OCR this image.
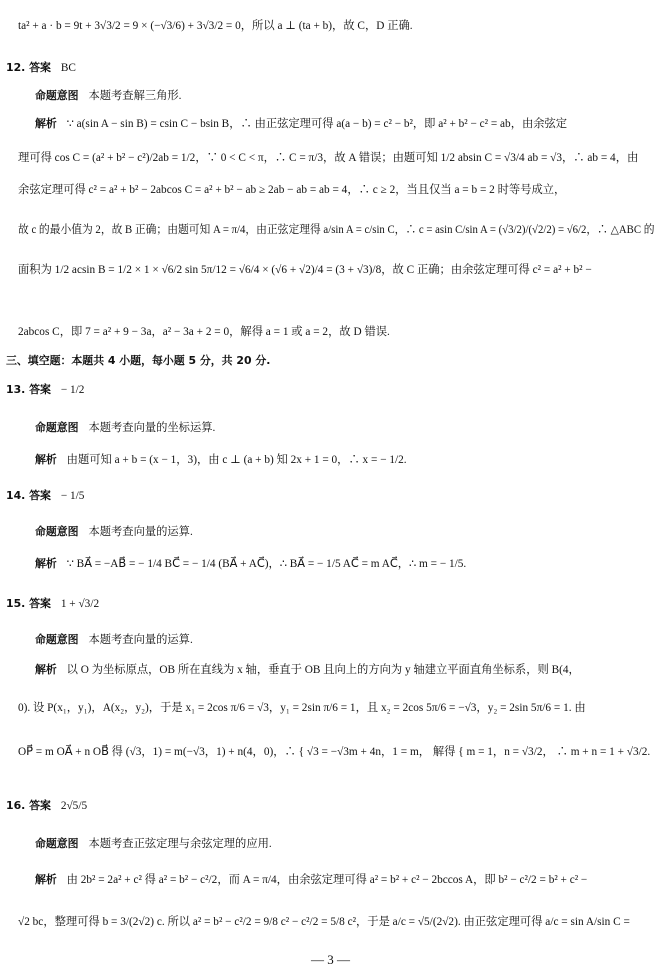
ta² + a · b = 9t + 3√3/2 = 9 × (−√3/6) + 3√3/2 = 0，所以 a ⊥ (ta + b)，故 C，D 正确.
12. 答案 BC
命题意图 本题考查解三角形.
解析 ∵ a(sin A − sin B) = csin C − bsin B，∴ 由正弦定理可得 a(a − b) = c² − b²，即 a² + b² − c² = ab，由余弦定
理可得 cos C = (a² + b² − c²)/2ab = 1/2，∵ 0 < C < π，∴ C = π/3，故 A 错误；由题可知 1/2 absin C = √3/4 ab = √3，∴ ab = 4，由
余弦定理可得 c² = a² + b² − 2abcos C = a² + b² − ab ≥ 2ab − ab = ab = 4，∴ c ≥ 2，当且仅当 a = b = 2 时等号成立，
故 c 的最小值为 2，故 B 正确；由题可知 A = π/4，由正弦定理得 a/sin A = c/sin C，∴ c = asin C/sin A = (√3/2)/(√2/2) = √6/2，∴ △ABC 的
面积为 1/2 acsin B = 1/2 × 1 × √6/2 sin 5π/12 = √6/4 × (√6 + √2)/4 = (3 + √3)/8，故 C 正确；由余弦定理可得 c² = a² + b² −
2abcos C，即 7 = a² + 9 − 3a，a² − 3a + 2 = 0，解得 a = 1 或 a = 2，故 D 错误.
三、填空题：本题共 4 小题，每小题 5 分，共 20 分.
13. 答案 − 1/2
命题意图 本题考查向量的坐标运算.
解析 由题可知 a + b = (x − 1，3)，由 c ⊥ (a + b) 知 2x + 1 = 0，∴ x = − 1/2.
14. 答案 − 1/5
命题意图 本题考查向量的运算.
解析 ∵ BA⃗ = −AB⃗ = − 1/4 BC⃗ = − 1/4 (BA⃗ + AC⃗)，∴ BA⃗ = − 1/5 AC⃗ = m AC⃗，∴ m = − 1/5.
15. 答案 1 + √3/2
命题意图 本题考查向量的运算.
解析 以 O 为坐标原点，OB 所在直线为 x 轴，垂直于 OB 且向上的方向为 y 轴建立平面直角坐标系，则 B(4，
0). 设 P(x₁，y₁)，A(x₂，y₂)，于是 x₁ = 2cos π/6 = √3，y₁ = 2sin π/6 = 1，且 x₂ = 2cos 5π/6 = −√3，y₂ = 2sin 5π/6 = 1. 由
OP⃗ = m OA⃗ + n OB⃗ 得 (√3，1) = m(−√3，1) + n(4，0)，∴ { √3 = −√3m + 4n，1 = m， 解得 { m = 1，n = √3/2， ∴ m + n = 1 + √3/2.
16. 答案 2√5/5
命题意图 本题考查正弦定理与余弦定理的应用.
解析 由 2b² = 2a² + c² 得 a² = b² − c²/2，而 A = π/4，由余弦定理可得 a² = b² + c² − 2bccos A，即 b² − c²/2 = b² + c² −
√2 bc，整理可得 b = 3/(2√2) c. 所以 a² = b² − c²/2 = 9/8 c² − c²/2 = 5/8 c²，于是 a/c = √5/(2√2). 由正弦定理可得 a/c = sin A/sin C =
— 3 —
